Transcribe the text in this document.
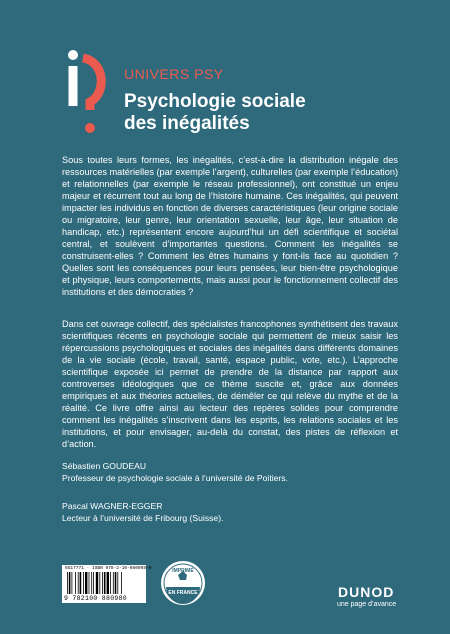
UNIVERS PSY
Psychologie sociale
des inégalités

Sous toutes leurs formes, les inégalités, c’est-à-dire la distribution inégale des ressources matérielles (par exemple l’argent), culturelles (par exemple l’éducation) et relationnelles (par exemple le réseau professionnel), ont constitué un enjeu majeur et récurrent tout au long de l’histoire humaine. Ces inégalités, qui peuvent impacter les individus en fonction de diverses caractéristiques (leur origine sociale ou migratoire, leur genre, leur orientation sexuelle, leur âge, leur situation de handicap, etc.) représentent encore aujourd’hui un défi scientifique et sociétal central, et soulèvent d’importantes questions. Comment les inégalités se construisent-elles ? Comment les êtres humains y font-ils face au quotidien ? Quelles sont les conséquences pour leurs pensées, leur bien-être psychologique et physique, leurs comportements, mais aussi pour le fonctionnement collectif des institutions et des démocraties ?

Dans cet ouvrage collectif, des spécialistes francophones synthétisent des travaux scientifiques récents en psychologie sociale qui permettent de mieux saisir les répercussions psychologiques et sociales des inégalités dans différents domaines de la vie sociale (école, travail, santé, espace public, vote, etc.). L’approche scientifique exposée ici permet de prendre de la distance par rapport aux controverses idéologiques que ce thème suscite et, grâce aux données empiriques et aux théories actuelles, de démêler ce qui relève du mythe et de la réalité. Ce livre offre ainsi au lecteur des repères solides pour comprendre comment les inégalités s’inscrivent dans les esprits, les relations sociales et les institutions, et pour envisager, au-delà du constat, des pistes de réflexion et d’action.

Sébastien GOUDEAU
Professeur de psychologie sociale à l’université de Poitiers.
Pascal WAGNER-EGGER
Lecteur à l’université de Fribourg (Suisse).
6517771 · ISBN 978-2-10-080098-0
9 782100 880980
IMPRIMÉ
EN FRANCE	DUNOD
une page d’avance
